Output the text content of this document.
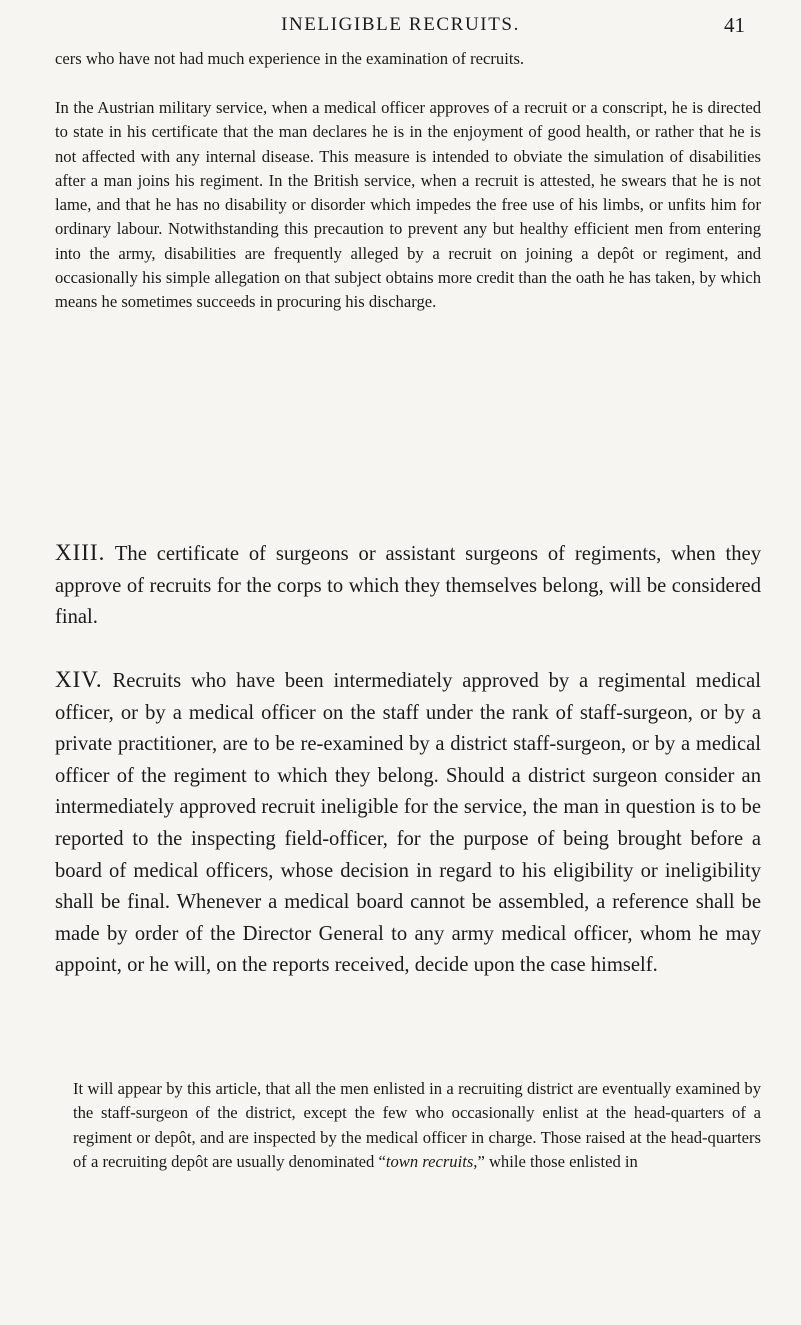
INELIGIBLE RECRUITS.	41

cers who have not had much experience in the examination of recruits.

In the Austrian military service, when a medical officer approves of a recruit or a conscript, he is directed to state in his certificate that the man declares he is in the enjoyment of good health, or rather that he is not affected with any internal disease. This measure is intended to obviate the simulation of disabilities after a man joins his regiment. In the British service, when a recruit is attested, he swears that he is not lame, and that he has no disability or disorder which impedes the free use of his limbs, or unfits him for ordinary labour. Notwithstanding this precaution to prevent any but healthy efficient men from entering into the army, disabilities are frequently alleged by a recruit on joining a depôt or regiment, and occasionally his simple allegation on that subject obtains more credit than the oath he has taken, by which means he sometimes succeeds in procuring his discharge.

XIII. The certificate of surgeons or assistant surgeons of regiments, when they approve of recruits for the corps to which they themselves belong, will be considered final.

XIV. Recruits who have been intermediately approved by a regimental medical officer, or by a medical officer on the staff under the rank of staff-surgeon, or by a private practitioner, are to be re-examined by a district staff-surgeon, or by a medical officer of the regiment to which they belong. Should a district surgeon consider an intermediately approved recruit ineligible for the service, the man in question is to be reported to the inspecting field-officer, for the purpose of being brought before a board of medical officers, whose decision in regard to his eligibility or ineligibility shall be final. Whenever a medical board cannot be assembled, a reference shall be made by order of the Director General to any army medical officer, whom he may appoint, or he will, on the reports received, decide upon the case himself.

It will appear by this article, that all the men enlisted in a recruiting district are eventually examined by the staff-surgeon of the district, except the few who occasionally enlist at the head-quarters of a regiment or depôt, and are inspected by the medical officer in charge. Those raised at the head-quarters of a recruiting depôt are usually denominated “town recruits,” while those enlisted in
